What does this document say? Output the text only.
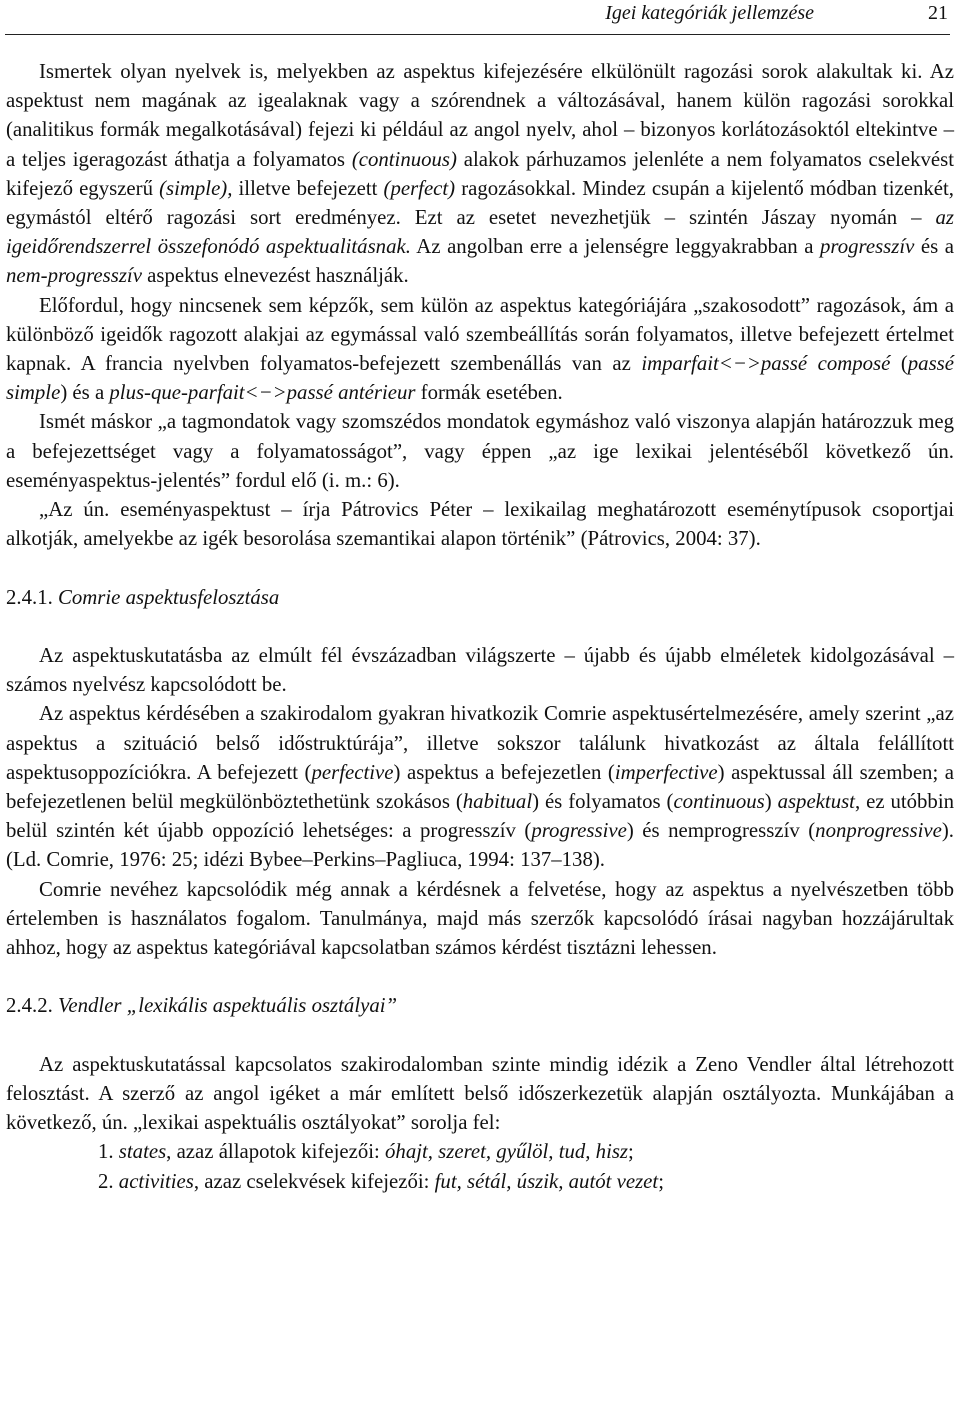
Igei kategóriák jellemzése	21

Ismertek olyan nyelvek is, melyekben az aspektus kifejezésére elkülönült ragozási sorok alakultak ki. Az aspektust nem magának az igealaknak vagy a szórendnek a változásával, hanem külön ragozási sorokkal (analitikus formák megalkotásával) fejezi ki például az angol nyelv, ahol – bizonyos korlátozásoktól eltekintve – a teljes igeragozást áthatja a folyamatos (continuous) alakok párhuzamos jelenléte a nem folyamatos cselekvést kifejező egyszerű (simple), illetve befejezett (perfect) ragozásokkal. Mindez csupán a kijelentő módban tizenkét, egymástól eltérő ragozási sort eredményez. Ezt az esetet nevezhetjük – szintén Jászay nyomán – az igeidőrendszerrel összefonódó aspektualitásnak. Az angolban erre a jelenségre leggyakrabban a progresszív és a nem-progresszív aspektus elnevezést használják.

Előfordul, hogy nincsenek sem képzők, sem külön az aspektus kategóriájára „szakosodott” ragozások, ám a különböző igeidők ragozott alakjai az egymással való szembeállítás során folyamatos, illetve befejezett értelmet kapnak. A francia nyelvben folyamatos-befejezett szembenállás van az imparfait<−>passé composé (passé simple) és a plus-que-parfait<−>passé antérieur formák esetében.

Ismét máskor „a tagmondatok vagy szomszédos mondatok egymáshoz való viszonya alapján határozzuk meg a befejezettséget vagy a folyamatosságot”, vagy éppen „az ige lexikai jelentéséből következő ún. eseményaspektus-jelentés” fordul elő (i. m.: 6).

„Az ún. eseményaspektust – írja Pátrovics Péter – lexikailag meghatározott eseménytípusok csoportjai alkotják, amelyekbe az igék besorolása szemantikai alapon történik” (Pátrovics, 2004: 37).

2.4.1. Comrie aspektusfelosztása

Az aspektuskutatásba az elmúlt fél évszázadban világszerte – újabb és újabb elméletek kidolgozásával – számos nyelvész kapcsolódott be.

Az aspektus kérdésében a szakirodalom gyakran hivatkozik Comrie aspektusértelmezésére, amely szerint „az aspektus a szituáció belső időstruktúrája”, illetve sokszor találunk hivatkozást az általa felállított aspektusoppozíciókra. A befejezett (perfective) aspektus a befejezetlen (imperfective) aspektussal áll szemben; a befejezetlenen belül megkülönböztethetünk szokásos (habitual) és folyamatos (continuous) aspektust, ez utóbbin belül szintén két újabb oppozíció lehetséges: a progresszív (progressive) és nemprogresszív (nonprogressive). (Ld. Comrie, 1976: 25; idézi Bybee–Perkins–Pagliuca, 1994: 137–138).

Comrie nevéhez kapcsolódik még annak a kérdésnek a felvetése, hogy az aspektus a nyelvészetben több értelemben is használatos fogalom. Tanulmánya, majd más szerzők kapcsolódó írásai nagyban hozzájárultak ahhoz, hogy az aspektus kategóriával kapcsolatban számos kérdést tisztázni lehessen.

2.4.2. Vendler „lexikális aspektuális osztályai”

Az aspektuskutatással kapcsolatos szakirodalomban szinte mindig idézik a Zeno Vendler által létrehozott felosztást. A szerző az angol igéket a már említett belső időszerkezetük alapján osztályozta. Munkájában a következő, ún. „lexikai aspektuális osztályokat” sorolja fel:

1. states, azaz állapotok kifejezői: óhajt, szeret, gyűlöl, tud, hisz;
2. activities, azaz cselekvések kifejezői: fut, sétál, úszik, autót vezet;
